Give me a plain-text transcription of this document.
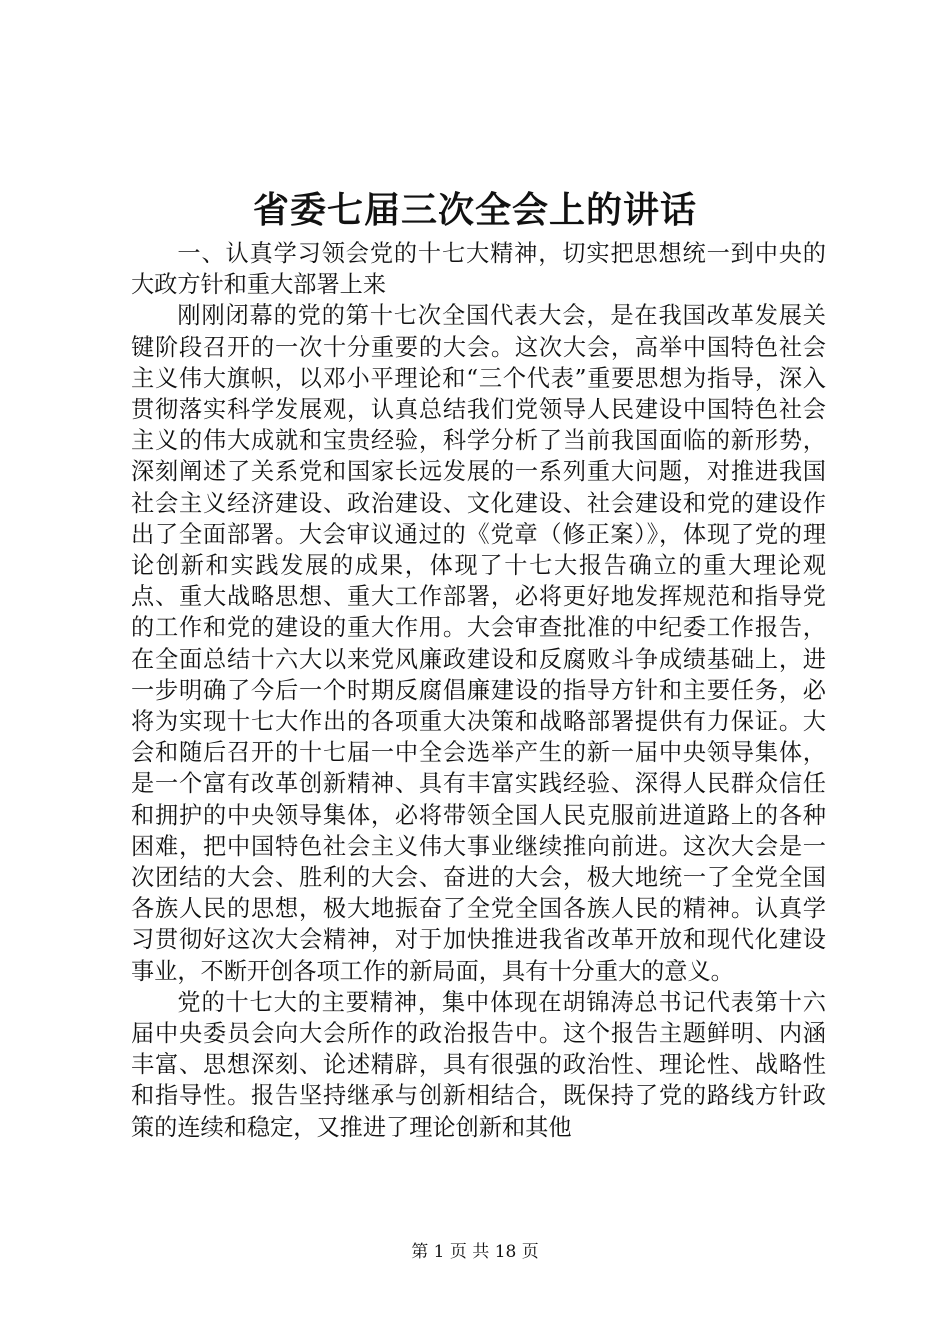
省委七届三次全会上的讲话

一、认真学习领会党的十七大精神，切实把思想统一到中央的大政方针和重大部署上来

刚刚闭幕的党的第十七次全国代表大会，是在我国改革发展关键阶段召开的一次十分重要的大会。这次大会，高举中国特色社会主义伟大旗帜，以邓小平理论和“三个代表”重要思想为指导，深入贯彻落实科学发展观，认真总结我们党领导人民建设中国特色社会主义的伟大成就和宝贵经验，科学分析了当前我国面临的新形势，深刻阐述了关系党和国家长远发展的一系列重大问题，对推进我国社会主义经济建设、政治建设、文化建设、社会建设和党的建设作出了全面部署。大会审议通过的《党章（修正案）》，体现了党的理论创新和实践发展的成果，体现了十七大报告确立的重大理论观点、重大战略思想、重大工作部署，必将更好地发挥规范和指导党的工作和党的建设的重大作用。大会审查批准的中纪委工作报告，在全面总结十六大以来党风廉政建设和反腐败斗争成绩基础上，进一步明确了今后一个时期反腐倡廉建设的指导方针和主要任务，必将为实现十七大作出的各项重大决策和战略部署提供有力保证。大会和随后召开的十七届一中全会选举产生的新一届中央领导集体，是一个富有改革创新精神、具有丰富实践经验、深得人民群众信任和拥护的中央领导集体，必将带领全国人民克服前进道路上的各种困难，把中国特色社会主义伟大事业继续推向前进。这次大会是一次团结的大会、胜利的大会、奋进的大会，极大地统一了全党全国各族人民的思想，极大地振奋了全党全国各族人民的精神。认真学习贯彻好这次大会精神，对于加快推进我省改革开放和现代化建设事业，不断开创各项工作的新局面，具有十分重大的意义。

党的十七大的主要精神，集中体现在胡锦涛总书记代表第十六届中央委员会向大会所作的政治报告中。这个报告主题鲜明、内涵丰富、思想深刻、论述精辟，具有很强的政治性、理论性、战略性和指导性。报告坚持继承与创新相结合，既保持了党的路线方针政策的连续和稳定，又推进了理论创新和其他

第 1 页 共 18 页
